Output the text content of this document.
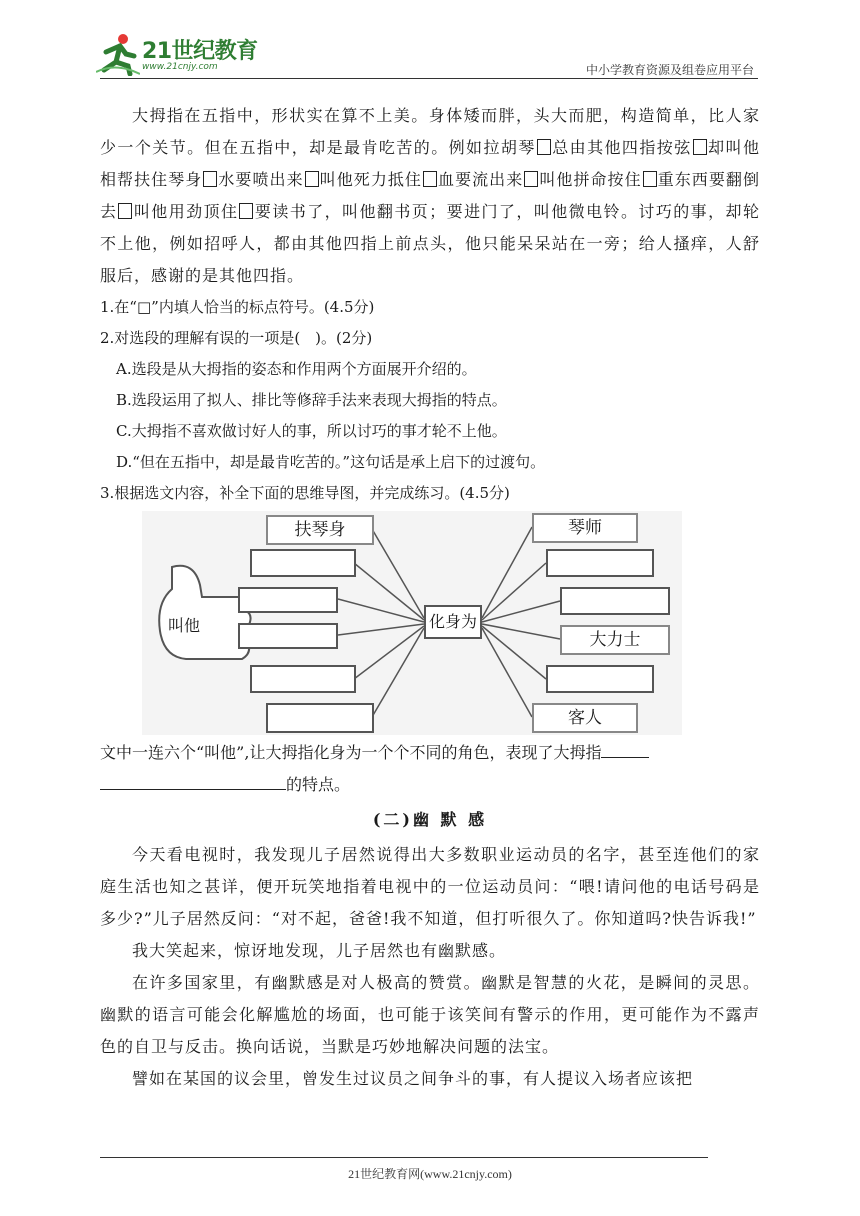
21世纪教育
www.21cnjy.com	中小学教育资源及组卷应用平台

大拇指在五指中，形状实在算不上美。身体矮而胖，头大而肥，构造简单，比人家少一个关节。但在五指中，却是最肯吃苦的。例如拉胡琴 总由其他四指按弦 却叫他相帮扶住琴身 水要喷出来 叫他死力抵住 血要流出来 叫他拼命按住 重东西要翻倒去 叫他用劲顶住 要读书了，叫他翻书页；要进门了，叫他微电铃。讨巧的事，却轮不上他，例如招呼人，都由其他四指上前点头，他只能呆呆站在一旁；给人搔痒，人舒服后，感谢的是其他四指。

1.在“□”内填人恰当的标点符号。(4.5分)

2.对选段的理解有误的一项是(　)。(2分)

A.选段是从大拇指的姿态和作用两个方面展开介绍的。

B.选段运用了拟人、排比等修辞手法来表现大拇指的特点。

C.大拇指不喜欢做讨好人的事，所以讨巧的事才轮不上他。

D.“但在五指中，却是最肯吃苦的。”这句话是承上启下的过渡句。

3.根据选文内容，补全下面的思维导图，并完成练习。(4.5分)

叫他	化身为
扶琴身	琴师
大力士
客人

文中一连六个“叫他”,让大拇指化身为一个个不同的角色，表现了大拇指

的特点。

(二)幽 默 感

今天看电视时，我发现儿子居然说得出大多数职业运动员的名字，甚至连他们的家庭生活也知之甚详，便开玩笑地指着电视中的一位运动员问：“喂!请问他的电话号码是多少?”儿子居然反问：“对不起，爸爸!我不知道，但打听很久了。你知道吗?快告诉我!”

我大笑起来，惊讶地发现，儿子居然也有幽默感。

在许多国家里，有幽默感是对人极高的赞赏。幽默是智慧的火花，是瞬间的灵思。幽默的语言可能会化解尴尬的场面，也可能于该笑间有警示的作用，更可能作为不露声色的自卫与反击。换向话说，当默是巧妙地解决问题的法宝。

譬如在某国的议会里，曾发生过议员之间争斗的事，有人提议入场者应该把

21世纪教育网(www.21cnjy.com)
